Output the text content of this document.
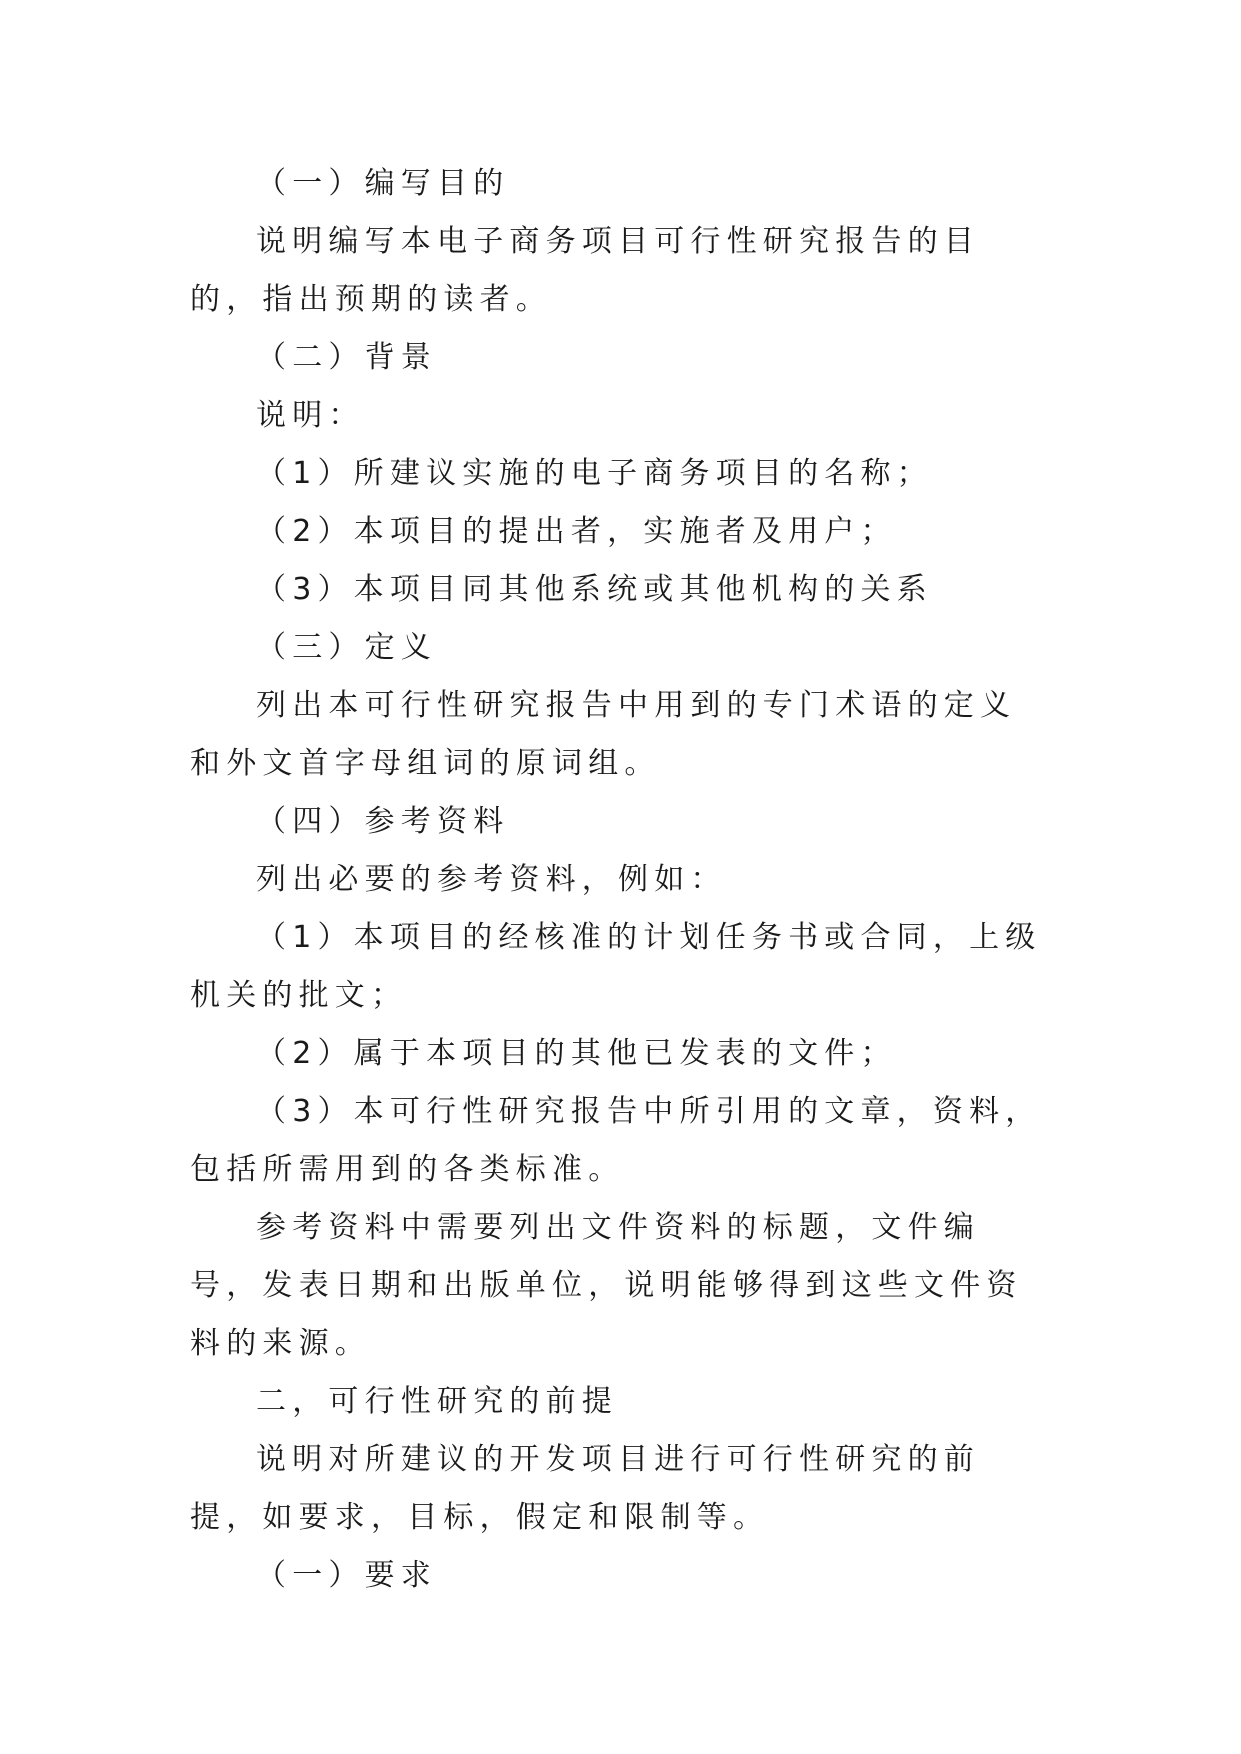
（一）编写目的

说明编写本电子商务项目可行性研究报告的目的，指出预期的读者。

（二）背景

说明：

（1）所建议实施的电子商务项目的名称；

（2）本项目的提出者，实施者及用户；

（3）本项目同其他系统或其他机构的关系

（三）定义

列出本可行性研究报告中用到的专门术语的定义和外文首字母组词的原词组。

（四）参考资料

列出必要的参考资料，例如：

（1）本项目的经核准的计划任务书或合同，上级机关的批文；

（2）属于本项目的其他已发表的文件；

（3）本可行性研究报告中所引用的文章，资料，包括所需用到的各类标准。

参考资料中需要列出文件资料的标题，文件编号，发表日期和出版单位，说明能够得到这些文件资料的来源。

二，可行性研究的前提

说明对所建议的开发项目进行可行性研究的前提，如要求，目标，假定和限制等。

（一）要求
